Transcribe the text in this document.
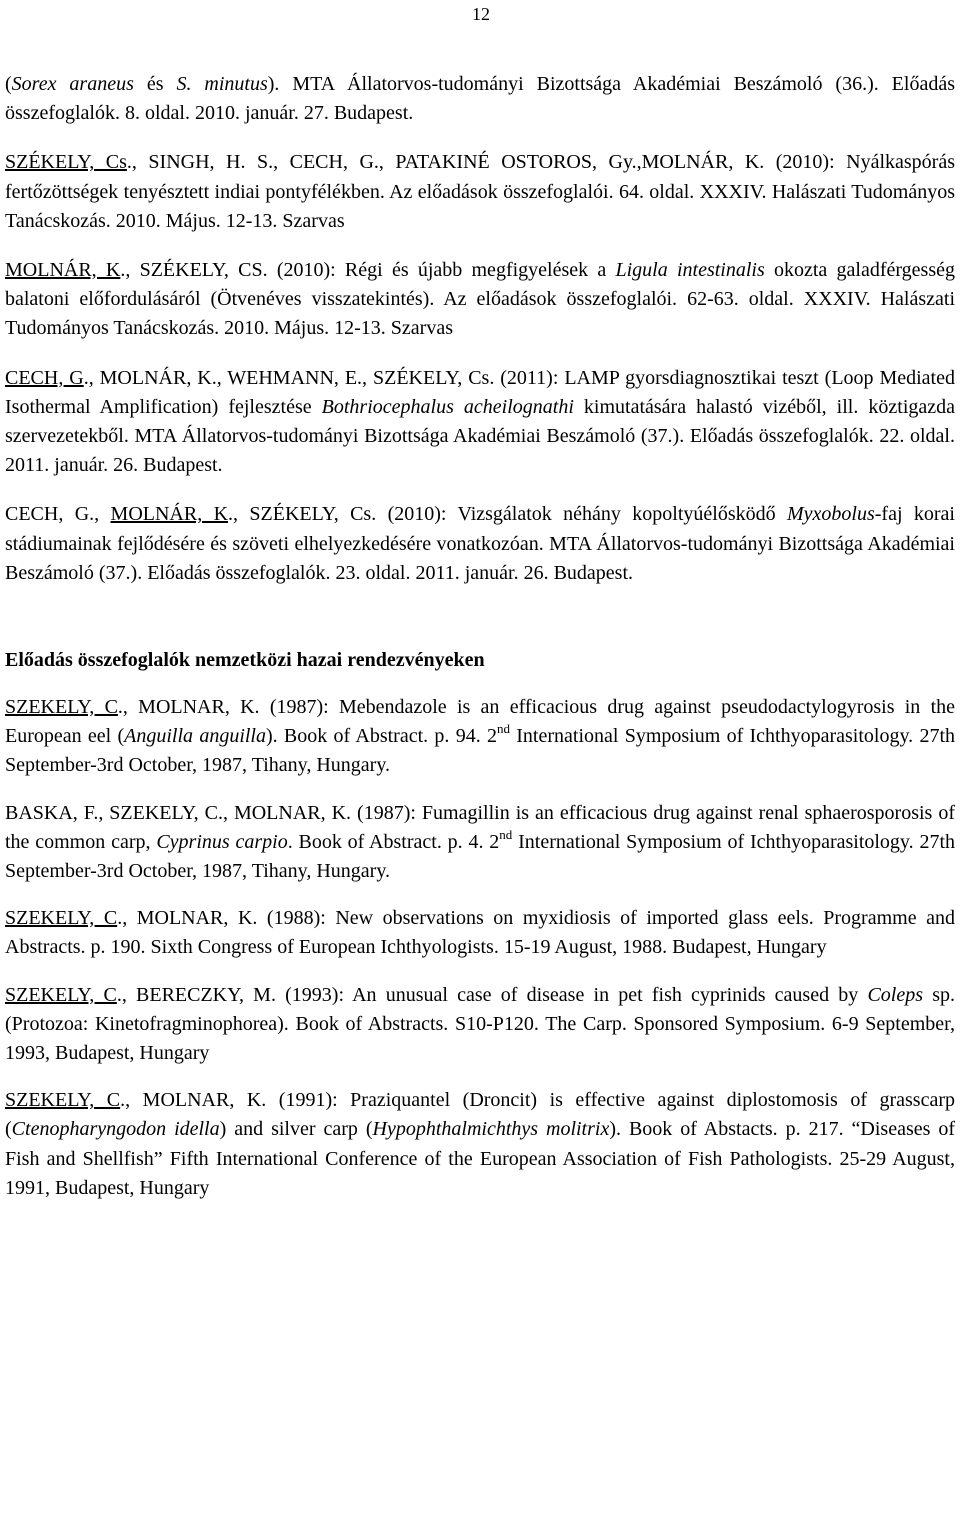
12

(Sorex araneus és S. minutus). MTA Állatorvos-tudományi Bizottsága Akadémiai Beszámoló (36.). Előadás összefoglalók. 8. oldal. 2010. január. 27. Budapest.

SZÉKELY, Cs., SINGH, H. S., CECH, G., PATAKINÉ OSTOROS, Gy.,MOLNÁR, K. (2010): Nyálkaspórás fertőzöttségek tenyésztett indiai pontyfélékben. Az előadások összefoglalói. 64. oldal. XXXIV. Halászati Tudományos Tanácskozás. 2010. Május. 12-13. Szarvas

MOLNÁR, K., SZÉKELY, CS. (2010): Régi és újabb megfigyelések a Ligula intestinalis okozta galadférgesség balatoni előfordulásáról (Ötvenéves visszatekintés). Az előadások összefoglalói. 62-63. oldal. XXXIV. Halászati Tudományos Tanácskozás. 2010. Május. 12-13. Szarvas

CECH, G., MOLNÁR, K., WEHMANN, E., SZÉKELY, Cs. (2011): LAMP gyorsdiagnosztikai teszt (Loop Mediated Isothermal Amplification) fejlesztése Bothriocephalus acheilognathi kimutatására halastó vizéből, ill. köztigazda szervezetekből. MTA Állatorvos-tudományi Bizottsága Akadémiai Beszámoló (37.). Előadás összefoglalók. 22. oldal. 2011. január. 26. Budapest.

CECH, G., MOLNÁR, K., SZÉKELY, Cs. (2010): Vizsgálatok néhány kopoltyúélősködő Myxobolus-faj korai stádiumainak fejlődésére és szöveti elhelyezkedésére vonatkozóan. MTA Állatorvos-tudományi Bizottsága Akadémiai Beszámoló (37.). Előadás összefoglalók. 23. oldal. 2011. január. 26. Budapest.

Előadás összefoglalók nemzetközi hazai rendezvényeken

SZEKELY, C., MOLNAR, K. (1987): Mebendazole is an efficacious drug against pseudodactylogyrosis in the European eel (Anguilla anguilla). Book of Abstract. p. 94. 2nd International Symposium of Ichthyoparasitology. 27th September-3rd October, 1987, Tihany, Hungary.

BASKA, F., SZEKELY, C., MOLNAR, K. (1987): Fumagillin is an efficacious drug against renal sphaerosporosis of the common carp, Cyprinus carpio. Book of Abstract. p. 4. 2nd International Symposium of Ichthyoparasitology. 27th September-3rd October, 1987, Tihany, Hungary.

SZEKELY, C., MOLNAR, K. (1988): New observations on myxidiosis of imported glass eels. Programme and Abstracts. p. 190. Sixth Congress of European Ichthyologists. 15-19 August, 1988. Budapest, Hungary

SZEKELY, C., BERECZKY, M. (1993): An unusual case of disease in pet fish cyprinids caused by Coleps sp. (Protozoa: Kinetofragminophorea). Book of Abstracts. S10-P120. The Carp. Sponsored Symposium. 6-9 September, 1993, Budapest, Hungary

SZEKELY, C., MOLNAR, K. (1991): Praziquantel (Droncit) is effective against diplostomosis of grasscarp (Ctenopharyngodon idella) and silver carp (Hypophthalmichthys molitrix). Book of Abstacts. p. 217. “Diseases of Fish and Shellfish” Fifth International Conference of the European Association of Fish Pathologists. 25-29 August, 1991, Budapest, Hungary
